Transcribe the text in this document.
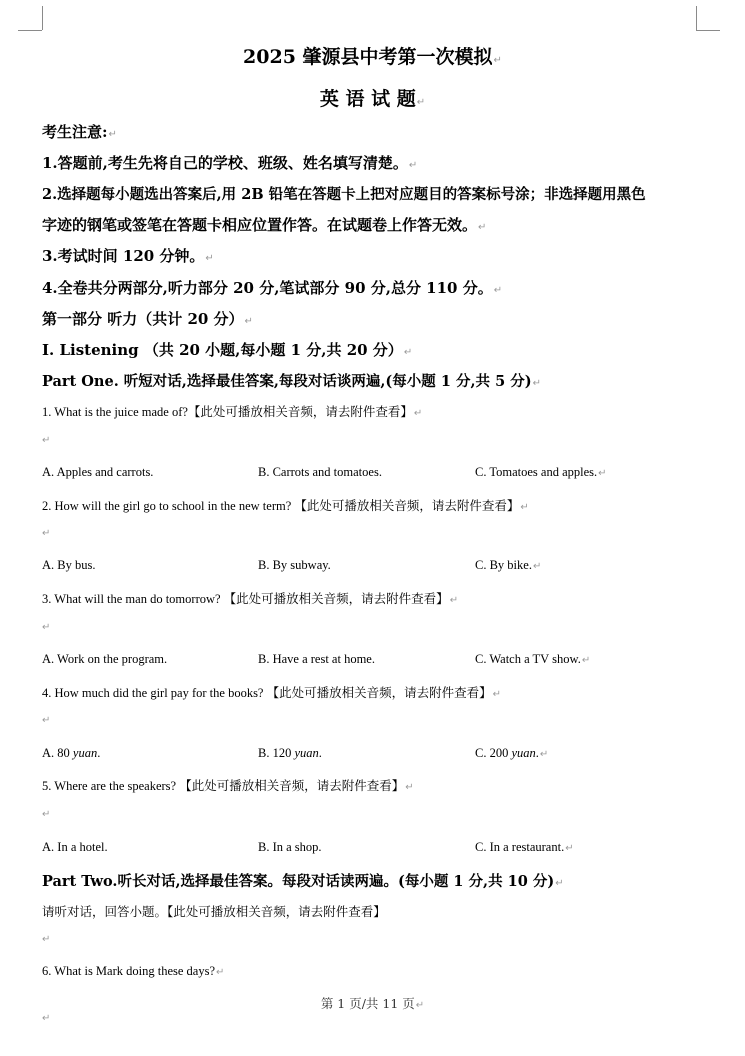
2025 肇源县中考第一次模拟↵
英 语 试 题↵
考生注意:↵
1.答题前,考生先将自己的学校、班级、姓名填写清楚。↵
2.选择题每小题选出答案后,用 2B 铅笔在答题卡上把对应题目的答案标号涂；非选择题用黑色
字迹的钢笔或签笔在答题卡相应位置作答。在试题卷上作答无效。↵
3.考试时间 120 分钟。↵
4.全卷共分两部分,听力部分 20 分,笔试部分 90 分,总分 110 分。↵
第一部分 听力（共计 20 分）↵
I. Listening （共 20 小题,每小题 1 分,共 20 分）↵
Part One. 听短对话,选择最佳答案,每段对话谈两遍,(每小题 1 分,共 5 分)↵
1. What is the juice made of?【此处可播放相关音频，请去附件查看】↵
↵
A. Apples and carrots.	B. Carrots and tomatoes.	C. Tomatoes and apples.↵
2. How will the girl go to school in the new term? 【此处可播放相关音频，请去附件查看】↵
↵
A. By bus.	B. By subway.	C. By bike.↵
3. What will the man do tomorrow? 【此处可播放相关音频，请去附件查看】↵
↵
A. Work on the program.	B. Have a rest at home.	C. Watch a TV show.↵
4. How much did the girl pay for the books? 【此处可播放相关音频，请去附件查看】↵
↵
A. 80 yuan.	B. 120 yuan.	C. 200 yuan.↵
5. Where are the speakers? 【此处可播放相关音频，请去附件查看】↵
↵
A. In a hotel.	B. In a shop.	C. In a restaurant.↵
Part Two.听长对话,选择最佳答案。每段对话读两遍。(每小题 1 分,共 10 分)↵
请听对话，回答小题。【此处可播放相关音频，请去附件查看】
↵
6. What is Mark doing these days?↵
第 1 页/共 11 页↵
↵
